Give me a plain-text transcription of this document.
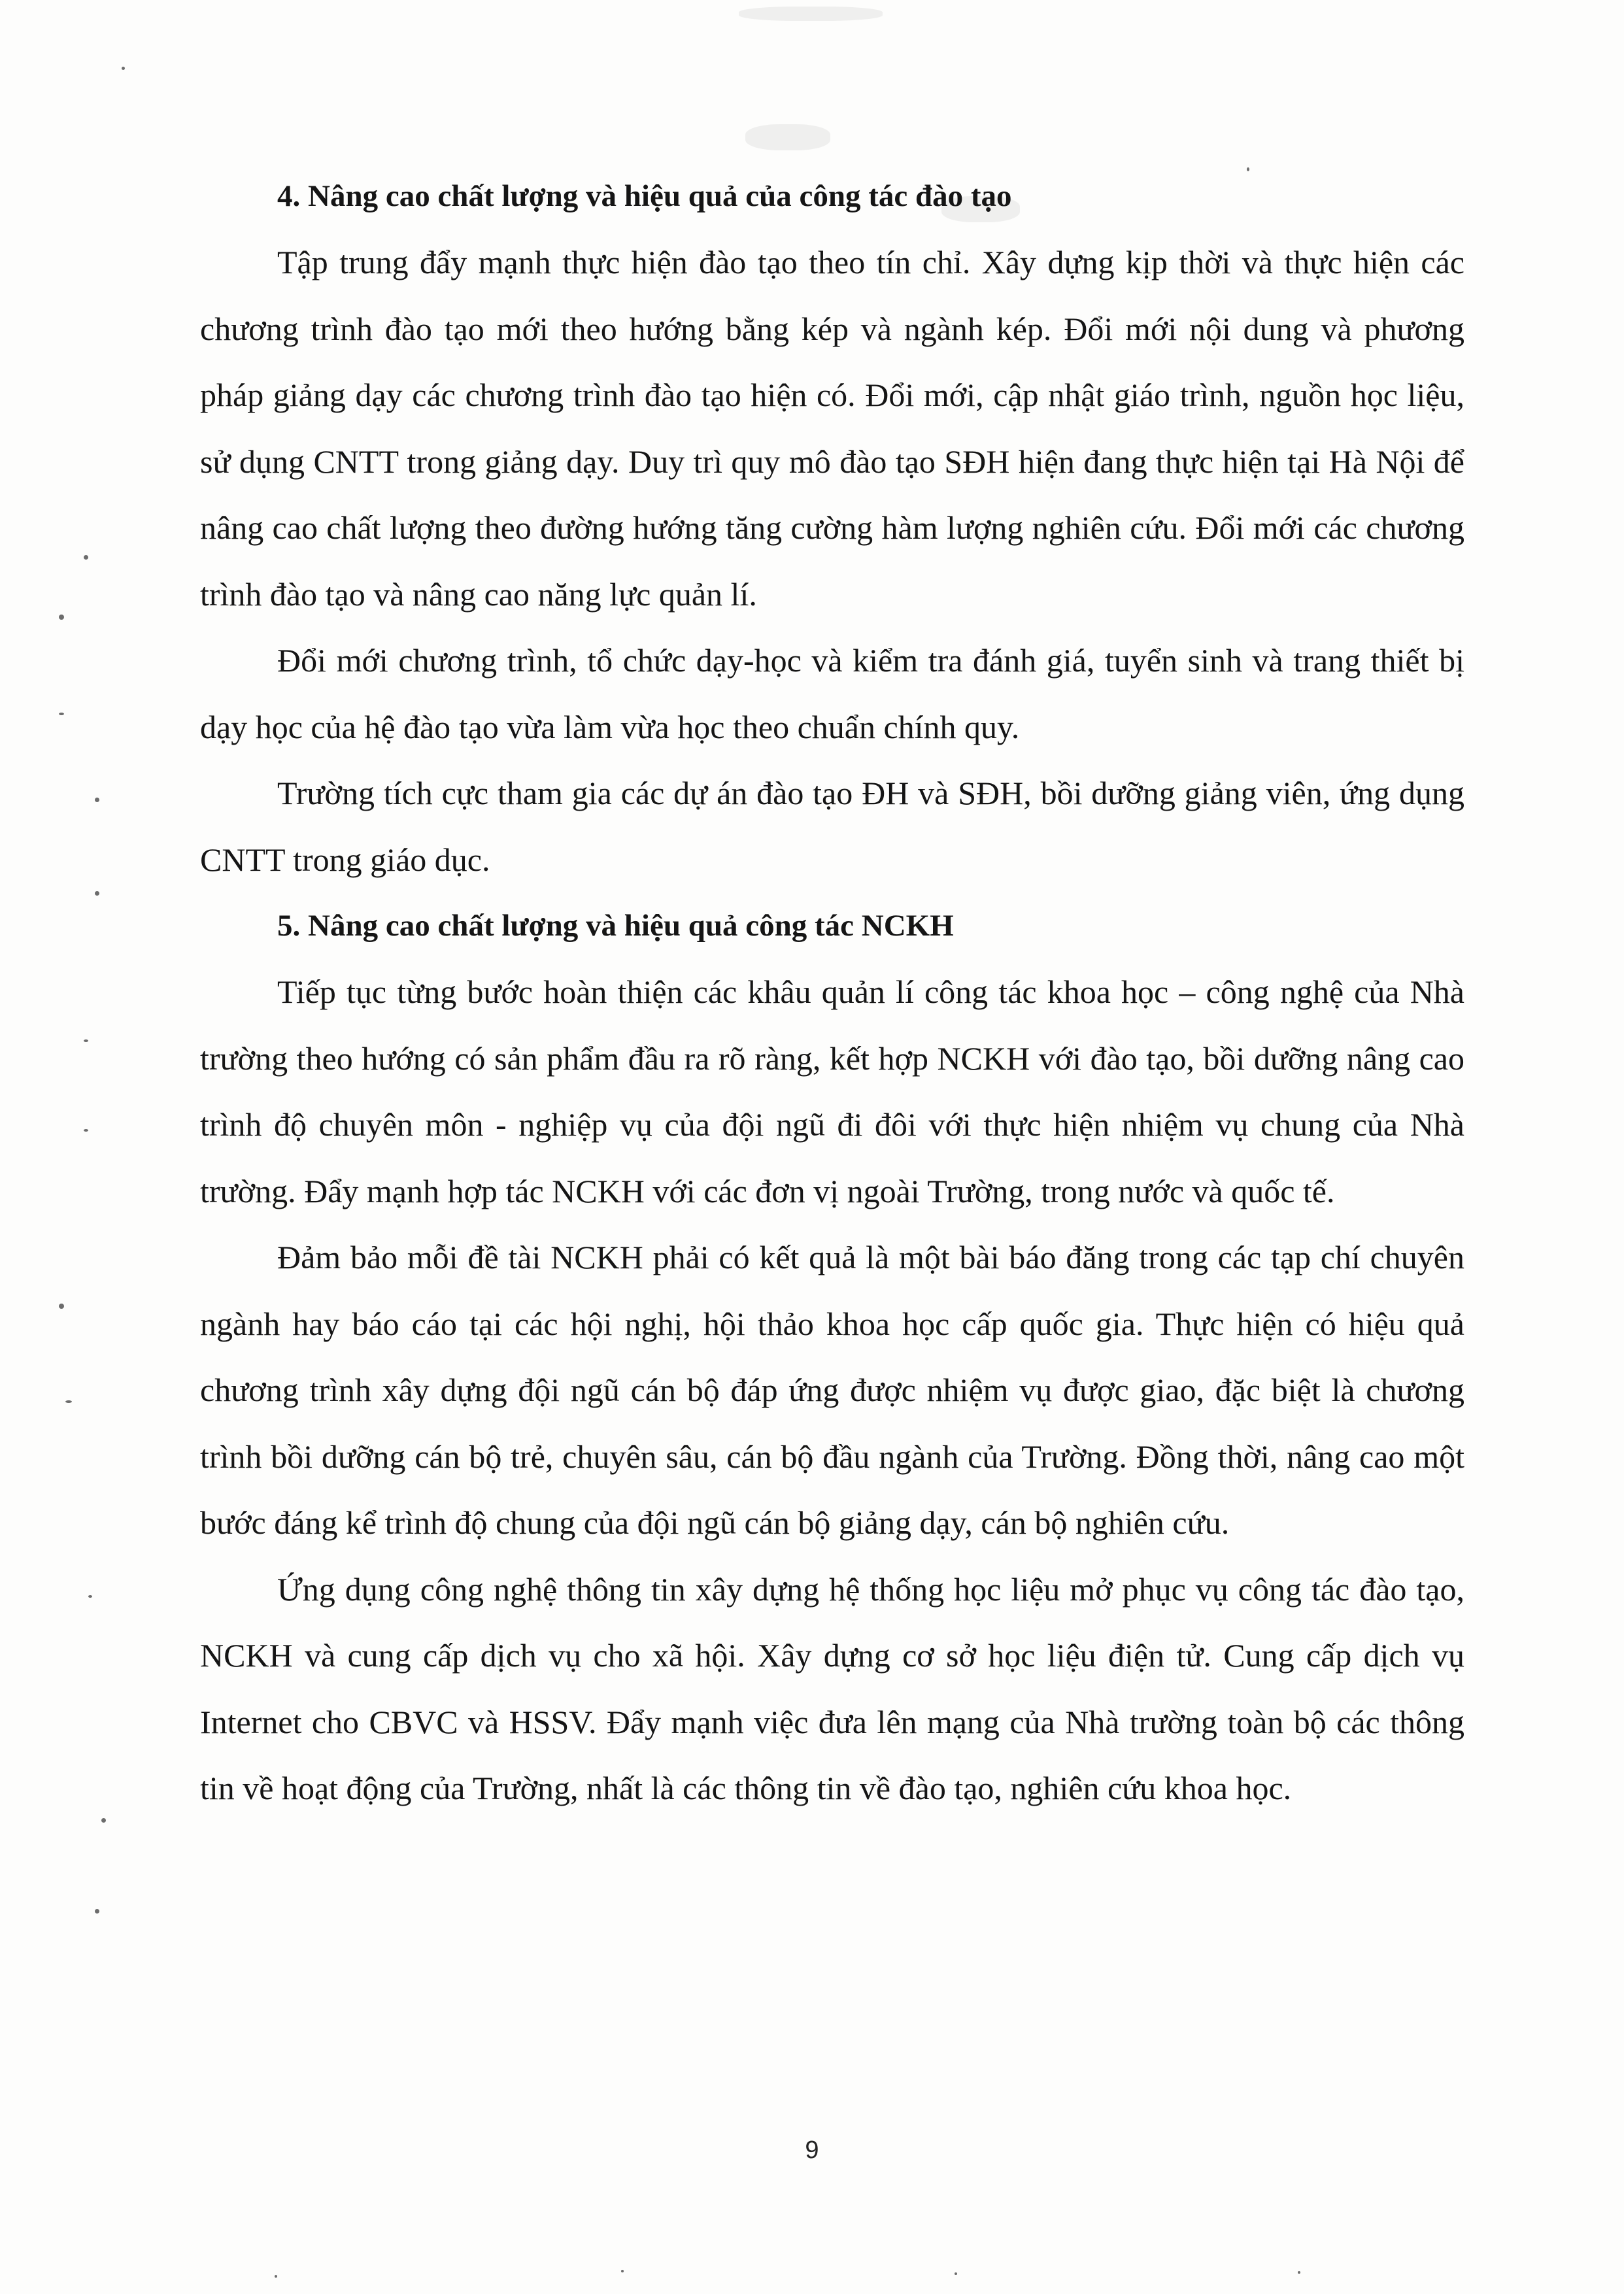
4. Nâng cao chất lượng và hiệu quả của công tác đào tạo

Tập trung đẩy mạnh thực hiện đào tạo theo tín chỉ. Xây dựng kịp thời và thực hiện các chương trình đào tạo mới theo hướng bằng kép và ngành kép. Đổi mới nội dung và phương pháp giảng dạy các chương trình đào tạo hiện có. Đổi mới, cập nhật giáo trình, nguồn học liệu, sử dụng CNTT trong giảng dạy. Duy trì quy mô đào tạo SĐH hiện đang thực hiện tại Hà Nội để nâng cao chất lượng theo đường hướng tăng cường hàm lượng nghiên cứu. Đổi mới các chương trình đào tạo và nâng cao năng lực quản lí.

Đổi mới chương trình, tổ chức dạy-học và kiểm tra đánh giá, tuyển sinh và trang thiết bị dạy học của hệ đào tạo vừa làm vừa học theo chuẩn chính quy.

Trường tích cực tham gia các dự án đào tạo ĐH và SĐH, bồi dưỡng giảng viên, ứng dụng CNTT trong giáo dục.

5. Nâng cao chất lượng và hiệu quả công tác NCKH

Tiếp tục từng bước hoàn thiện các khâu quản lí công tác khoa học – công nghệ của Nhà trường theo hướng có sản phẩm đầu ra rõ ràng, kết hợp NCKH với đào tạo, bồi dưỡng nâng cao trình độ chuyên môn - nghiệp vụ của đội ngũ đi đôi với thực hiện nhiệm vụ chung của Nhà trường. Đẩy mạnh hợp tác NCKH với các đơn vị ngoài Trường, trong nước và quốc tế.

Đảm bảo mỗi đề tài NCKH phải có kết quả là một bài báo đăng trong các tạp chí chuyên ngành hay báo cáo tại các hội nghị, hội thảo khoa học cấp quốc gia. Thực hiện có hiệu quả chương trình xây dựng đội ngũ cán bộ đáp ứng được nhiệm vụ được giao, đặc biệt là chương trình bồi dưỡng cán bộ trẻ, chuyên sâu, cán bộ đầu ngành của Trường. Đồng thời, nâng cao một bước đáng kể trình độ chung của đội ngũ cán bộ giảng dạy, cán bộ nghiên cứu.

Ứng dụng công nghệ thông tin xây dựng hệ thống học liệu mở phục vụ công tác đào tạo, NCKH và cung cấp dịch vụ cho xã hội. Xây dựng cơ sở học liệu điện tử. Cung cấp dịch vụ Internet cho CBVC và HSSV. Đẩy mạnh việc đưa lên mạng của Nhà trường toàn bộ các thông tin về hoạt động của Trường, nhất là các thông tin về đào tạo, nghiên cứu khoa học.

9
